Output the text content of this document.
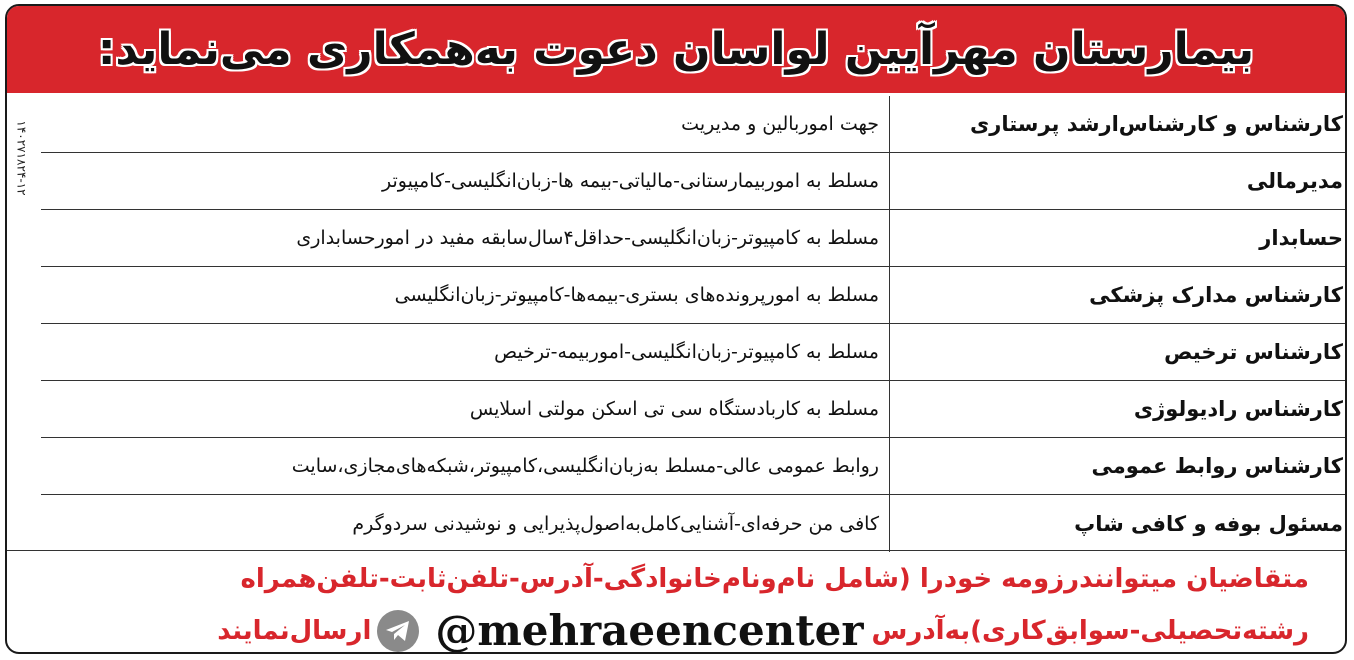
بیمارستان مهرآیین لواسان دعوت به‌همکاری می‌نماید:
۱۴۰۲۷۱۸۲۴-۱۲	کارشناس و کارشناس‌ارشد پرستاری
جهت اموربالین و مدیریت
مدیرمالی
مسلط به اموربیمارستانی-مالیاتی-بیمه ها-زبان‌انگلیسی-کامپیوتر
حسابدار
مسلط به کامپیوتر-زبان‌انگلیسی-حداقل۴سال‌سابقه مفید در امورحسابداری
کارشناس مدارک پزشکی
مسلط به امورپرونده‌های بستری-بیمه‌ها-کامپیوتر-زبان‌انگلیسی
کارشناس ترخیص
مسلط به کامپیوتر-زبان‌انگلیسی-اموربیمه-ترخیص
کارشناس رادیولوژی
مسلط به کاربادستگاه سی تی اسکن مولتی اسلایس
کارشناس روابط عمومی
روابط عمومی عالی-مسلط به‌زبان‌انگلیسی،کامپیوتر،شبکه‌های‌مجازی،سایت
مسئول بوفه و کافی شاپ
کافی من حرفه‌ای-آشنایی‌کامل‌به‌اصول‌پذیرایی و نوشیدنی سردوگرم
متقاضیان میتوانندرزومه خودرا (شامل نام‌ونام‌خانوادگی-آدرس-تلفن‌ثابت-تلفن‌همراه
رشته‌تحصیلی-سوابق‌کاری)به‌آدرس
@mehraeencenter
ارسال‌نمایند
